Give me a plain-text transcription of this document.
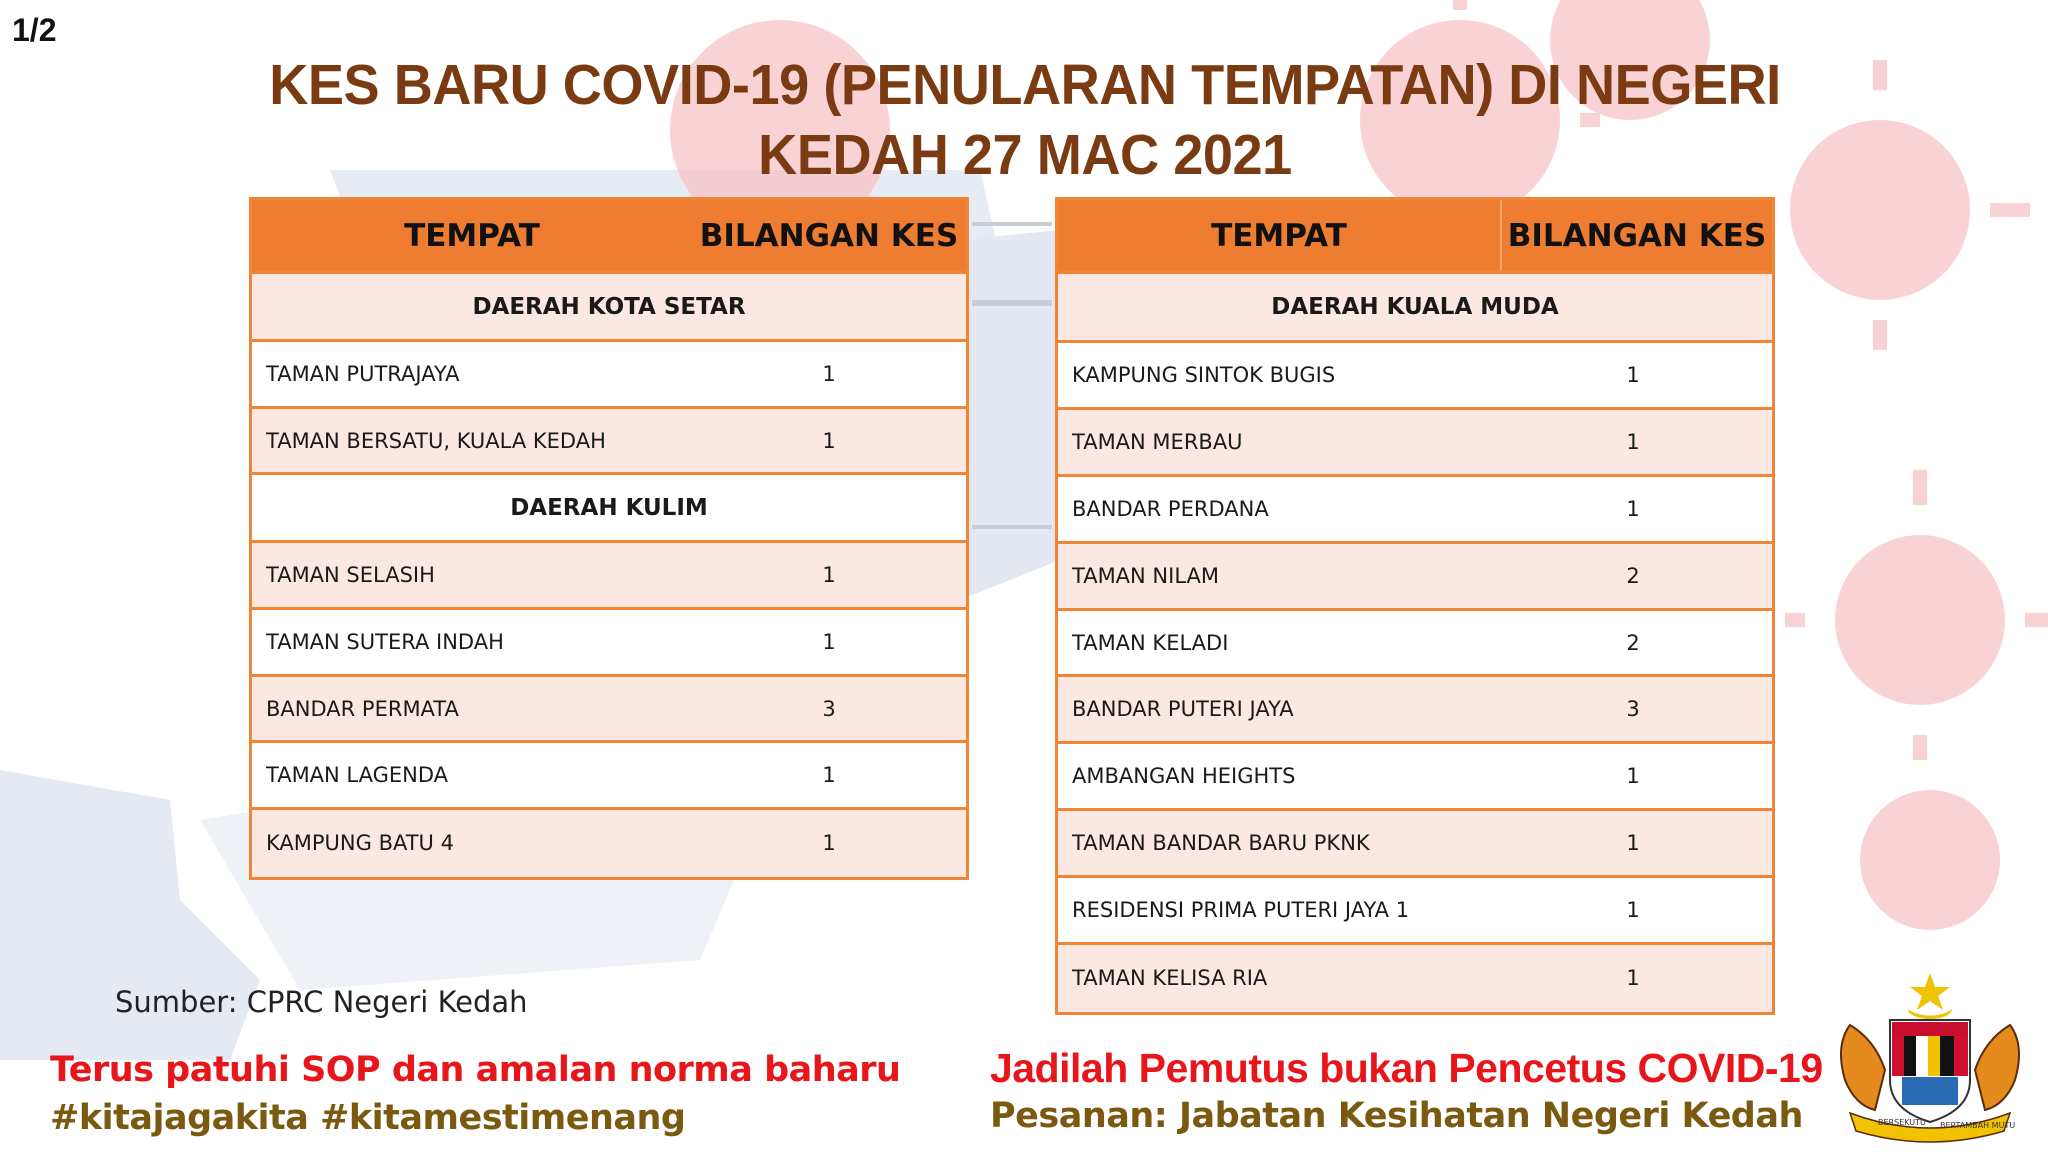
1/2
KES BARU COVID-19 (PENULARAN TEMPATAN) DI NEGERI
KEDAH 27 MAC 2021
TEMPAT	BILANGAN KES
DAERAH KOTA SETAR
TAMAN PUTRAJAYA	1
TAMAN BERSATU, KUALA KEDAH	1
DAERAH KULIM
TAMAN SELASIH	1
TAMAN SUTERA INDAH	1
BANDAR PERMATA	3
TAMAN LAGENDA	1
KAMPUNG BATU 4	1
TEMPAT	BILANGAN KES
DAERAH KUALA MUDA
KAMPUNG SINTOK BUGIS	1
TAMAN MERBAU	1
BANDAR PERDANA	1
TAMAN NILAM	2
TAMAN KELADI	2
BANDAR PUTERI JAYA	3
AMBANGAN HEIGHTS	1
TAMAN BANDAR BARU PKNK	1
RESIDENSI PRIMA PUTERI JAYA 1	1
TAMAN KELISA RIA	1
Sumber: CPRC Negeri Kedah
Terus patuhi SOP dan amalan norma baharu
#kitajagakita #kitamestimenang
Jadilah Pemutus bukan Pencetus COVID-19
Pesanan: Jabatan Kesihatan Negeri Kedah	BERSEKUTU BERTAMBAH MUTU
